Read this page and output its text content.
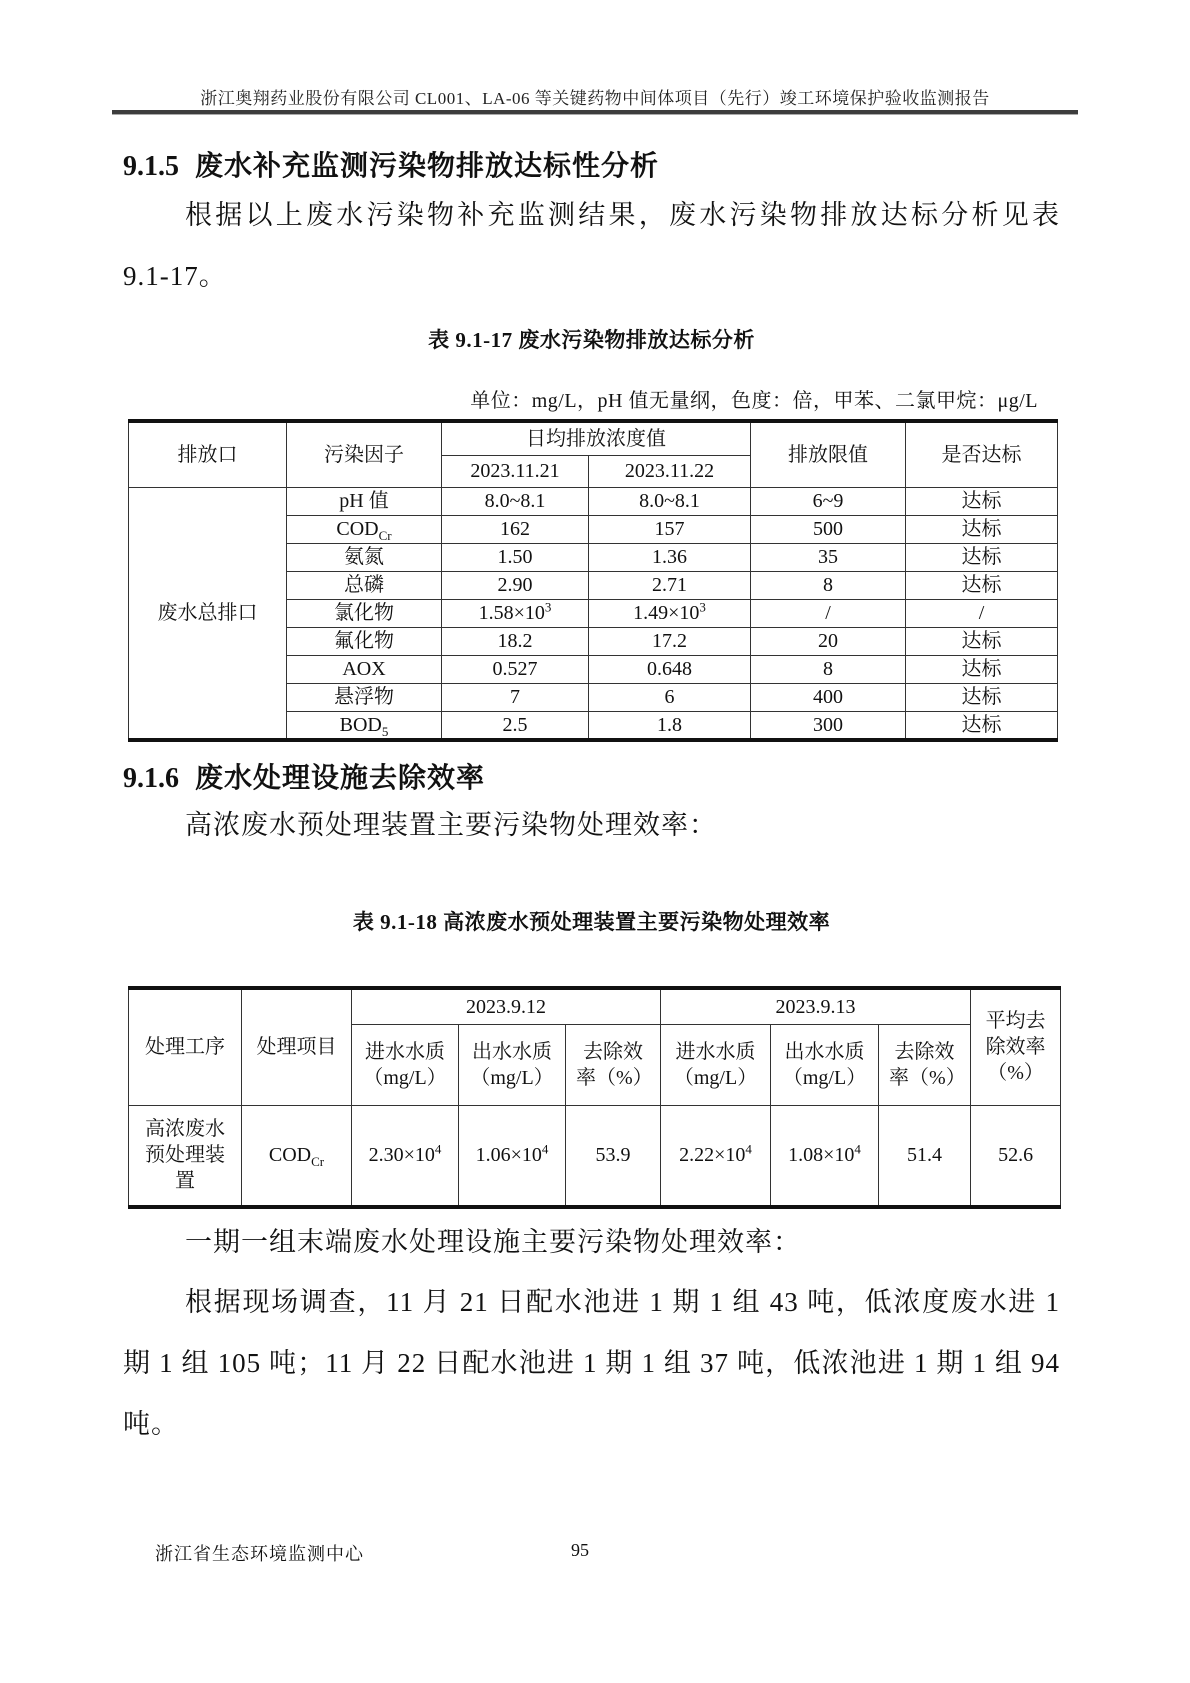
浙江奥翔药业股份有限公司 CL001、LA-06 等关键药物中间体项目（先行）竣工环境保护验收监测报告
9.1.5 废水补充监测污染物排放达标性分析
根据以上废水污染物补充监测结果，废水污染物排放达标分析见表
9.1-17。
表 9.1-17 废水污染物排放达标分析
单位：mg/L，pH 值无量纲，色度：倍，甲苯、二氯甲烷：μg/L
排放口	污染因子	日均排放浓度值		排放限值	是否达标
		2023.11.21	2023.11.22		
废水总排口	pH 值	8.0~8.1	8.0~8.1	6~9	达标
	$COD_{Cr}$	162	157	500	达标
	氨氮	1.50	1.36	35	达标
	总磷	2.90	2.71	8	达标
	氯化物	$1.58\times 10^3$	$1.49\times 10^3$	/	/
	氟化物	18.2	17.2	20	达标
	AOX	0.527	0.648	8	达标
	悬浮物	7	6	400	达标
	$BOD_5$	2.5	1.8	300	达标
9.1.6 废水处理设施去除效率
高浓废水预处理装置主要污染物处理效率：
表 9.1-18 高浓废水预处理装置主要污染物处理效率
处理工序	处理项目	2023.9.12			2023.9.13			平均去除效率（%）
		进水水质（mg/L）	出水水质（mg/L）	去除效率（%）	进水水质（mg/L）	出水水质（mg/L）	去除效率（%）	
高浓废水预处理装置	$COD_{Cr}$	$2.30\times 10^4$	$1.06\times 10^4$	53.9	$2.22\times 10^4$	$1.08\times 10^4$	51.4	52.6
一期一组末端废水处理设施主要污染物处理效率：
根据现场调查，11 月 21 日配水池进 1 期 1 组 43 吨，低浓度废水进 1
期 1 组 105 吨；11 月 22 日配水池进 1 期 1 组 37 吨，低浓池进 1 期 1 组 94
吨。
浙江省生态环境监测中心	95
